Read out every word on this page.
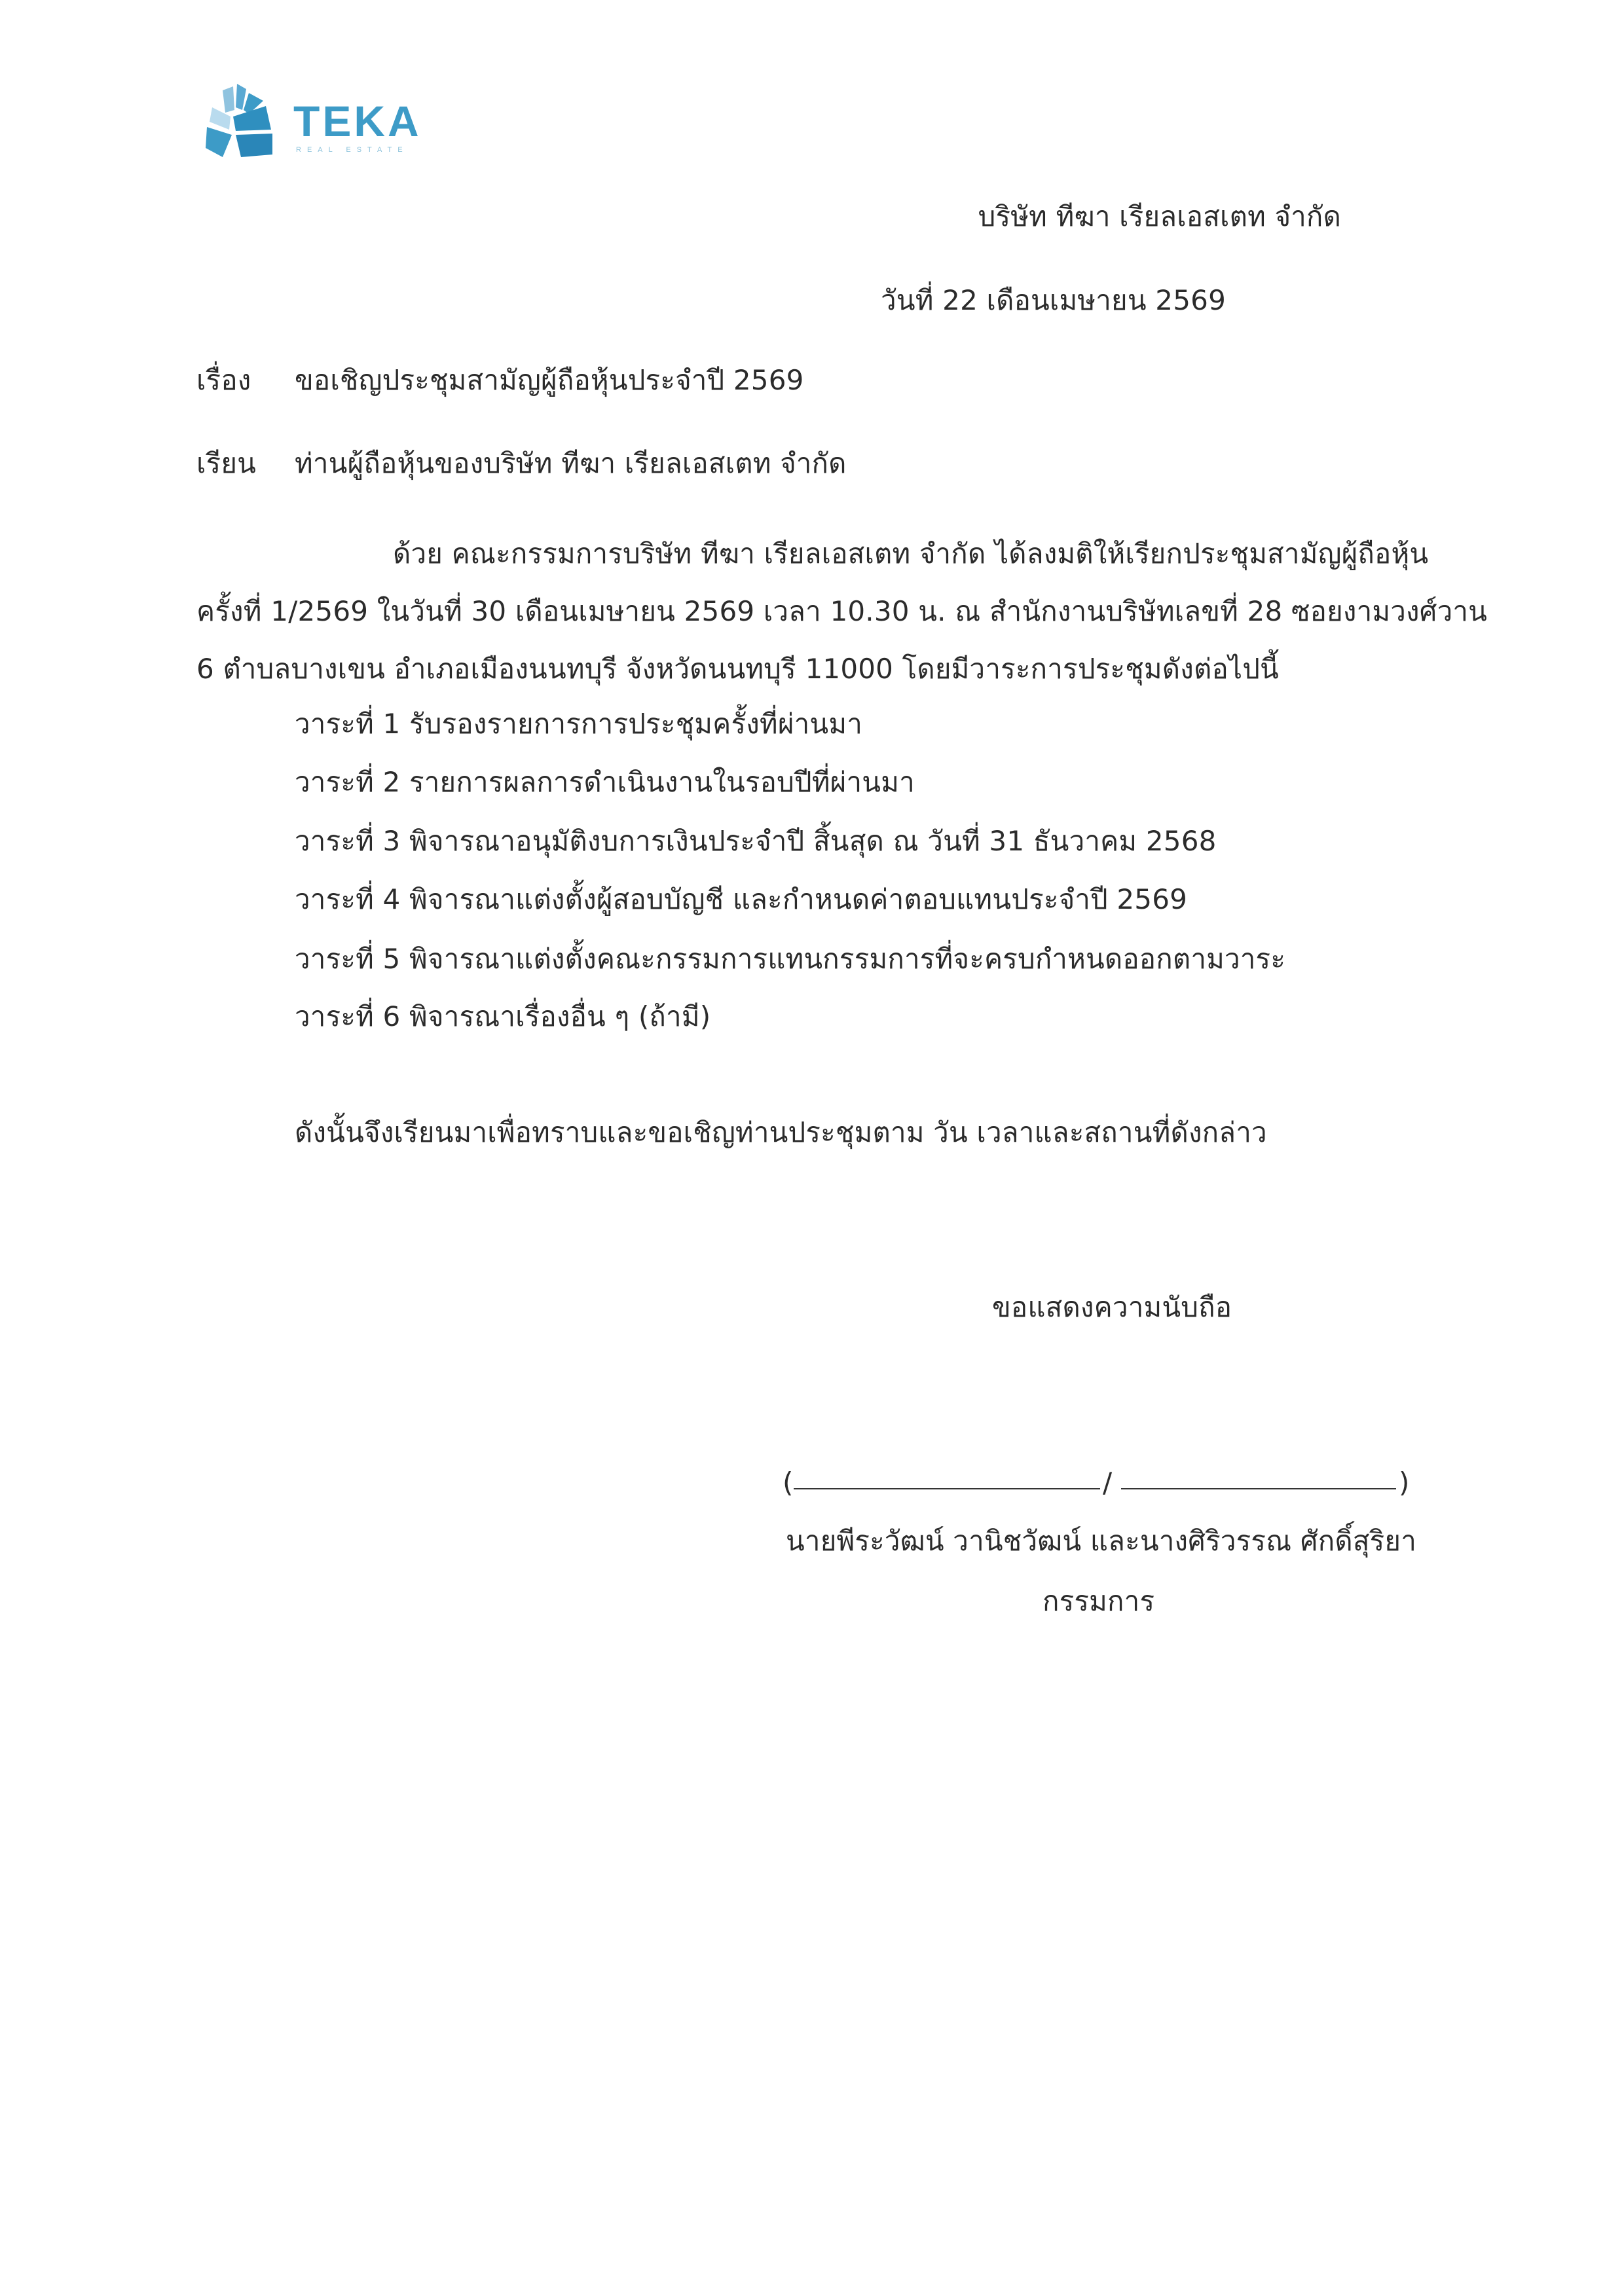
TEKA
REAL ESTATE
บริษัท ทีฆา เรียลเอสเตท จำกัด
วันที่ 22 เดือนเมษายน 2569
เรื่อง ขอเชิญประชุมสามัญผู้ถือหุ้นประจำปี 2569
เรียน ท่านผู้ถือหุ้นของบริษัท ทีฆา เรียลเอสเตท จำกัด
ด้วย คณะกรรมการบริษัท ทีฆา เรียลเอสเตท จำกัด ได้ลงมติให้เรียกประชุมสามัญผู้ถือหุ้น
ครั้งที่ 1/2569 ในวันที่ 30 เดือนเมษายน 2569 เวลา 10.30 น. ณ สำนักงานบริษัทเลขที่ 28 ซอยงามวงศ์วาน
6 ตำบลบางเขน อำเภอเมืองนนทบุรี จังหวัดนนทบุรี 11000 โดยมีวาระการประชุมดังต่อไปนี้
วาระที่ 1 รับรองรายการการประชุมครั้งที่ผ่านมา
วาระที่ 2 รายการผลการดำเนินงานในรอบปีที่ผ่านมา
วาระที่ 3 พิจารณาอนุมัติงบการเงินประจำปี สิ้นสุด ณ วันที่ 31 ธันวาคม 2568
วาระที่ 4 พิจารณาแต่งตั้งผู้สอบบัญชี และกำหนดค่าตอบแทนประจำปี 2569
วาระที่ 5 พิจารณาแต่งตั้งคณะกรรมการแทนกรรมการที่จะครบกำหนดออกตามวาระ
วาระที่ 6 พิจารณาเรื่องอื่น ๆ (ถ้ามี)
ดังนั้นจึงเรียนมาเพื่อทราบและขอเชิญท่านประชุมตาม วัน เวลาและสถานที่ดังกล่าว
ขอแสดงความนับถือ
(	/	)
นายพีระวัฒน์ วานิชวัฒน์ และนางศิริวรรณ ศักดิ์สุริยา
กรรมการ
